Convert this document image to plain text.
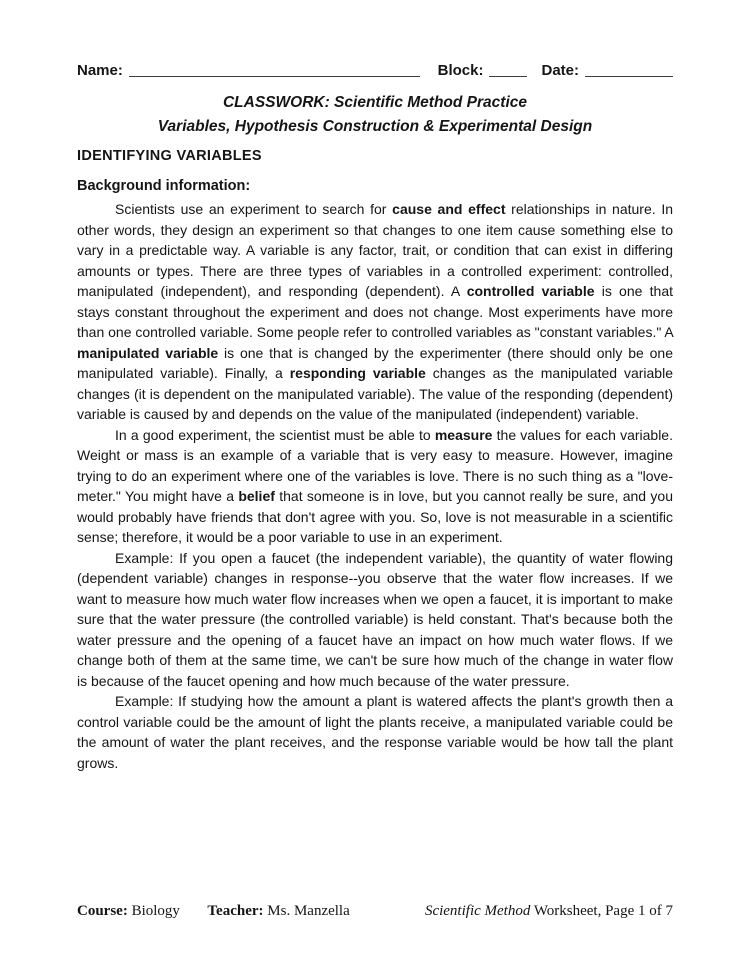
Name:	Block:	Date:
CLASSWORK: Scientific Method Practice
Variables, Hypothesis Construction & Experimental Design
IDENTIFYING VARIABLES
Background information:

Scientists use an experiment to search for cause and effect relationships in nature. In other words, they design an experiment so that changes to one item cause something else to vary in a predictable way. A variable is any factor, trait, or condition that can exist in differing amounts or types. There are three types of variables in a controlled experiment: controlled, manipulated (independent), and responding (dependent). A controlled variable is one that stays constant throughout the experiment and does not change. Most experiments have more than one controlled variable. Some people refer to controlled variables as "constant variables." A manipulated variable is one that is changed by the experimenter (there should only be one manipulated variable). Finally, a responding variable changes as the manipulated variable changes (it is dependent on the manipulated variable). The value of the responding (dependent) variable is caused by and depends on the value of the manipulated (independent) variable.

In a good experiment, the scientist must be able to measure the values for each variable. Weight or mass is an example of a variable that is very easy to measure. However, imagine trying to do an experiment where one of the variables is love. There is no such thing as a "love-meter." You might have a belief that someone is in love, but you cannot really be sure, and you would probably have friends that don't agree with you. So, love is not measurable in a scientific sense; therefore, it would be a poor variable to use in an experiment.

Example: If you open a faucet (the independent variable), the quantity of water flowing (dependent variable) changes in response--you observe that the water flow increases. If we want to measure how much water flow increases when we open a faucet, it is important to make sure that the water pressure (the controlled variable) is held constant. That's because both the water pressure and the opening of a faucet have an impact on how much water flows. If we change both of them at the same time, we can't be sure how much of the change in water flow is because of the faucet opening and how much because of the water pressure.

Example: If studying how the amount a plant is watered affects the plant's growth then a control variable could be the amount of light the plants receive, a manipulated variable could be the amount of water the plant receives, and the response variable would be how tall the plant grows.

Course: Biology Teacher: Ms. Manzella	Scientific Method Worksheet, Page 1 of 7
